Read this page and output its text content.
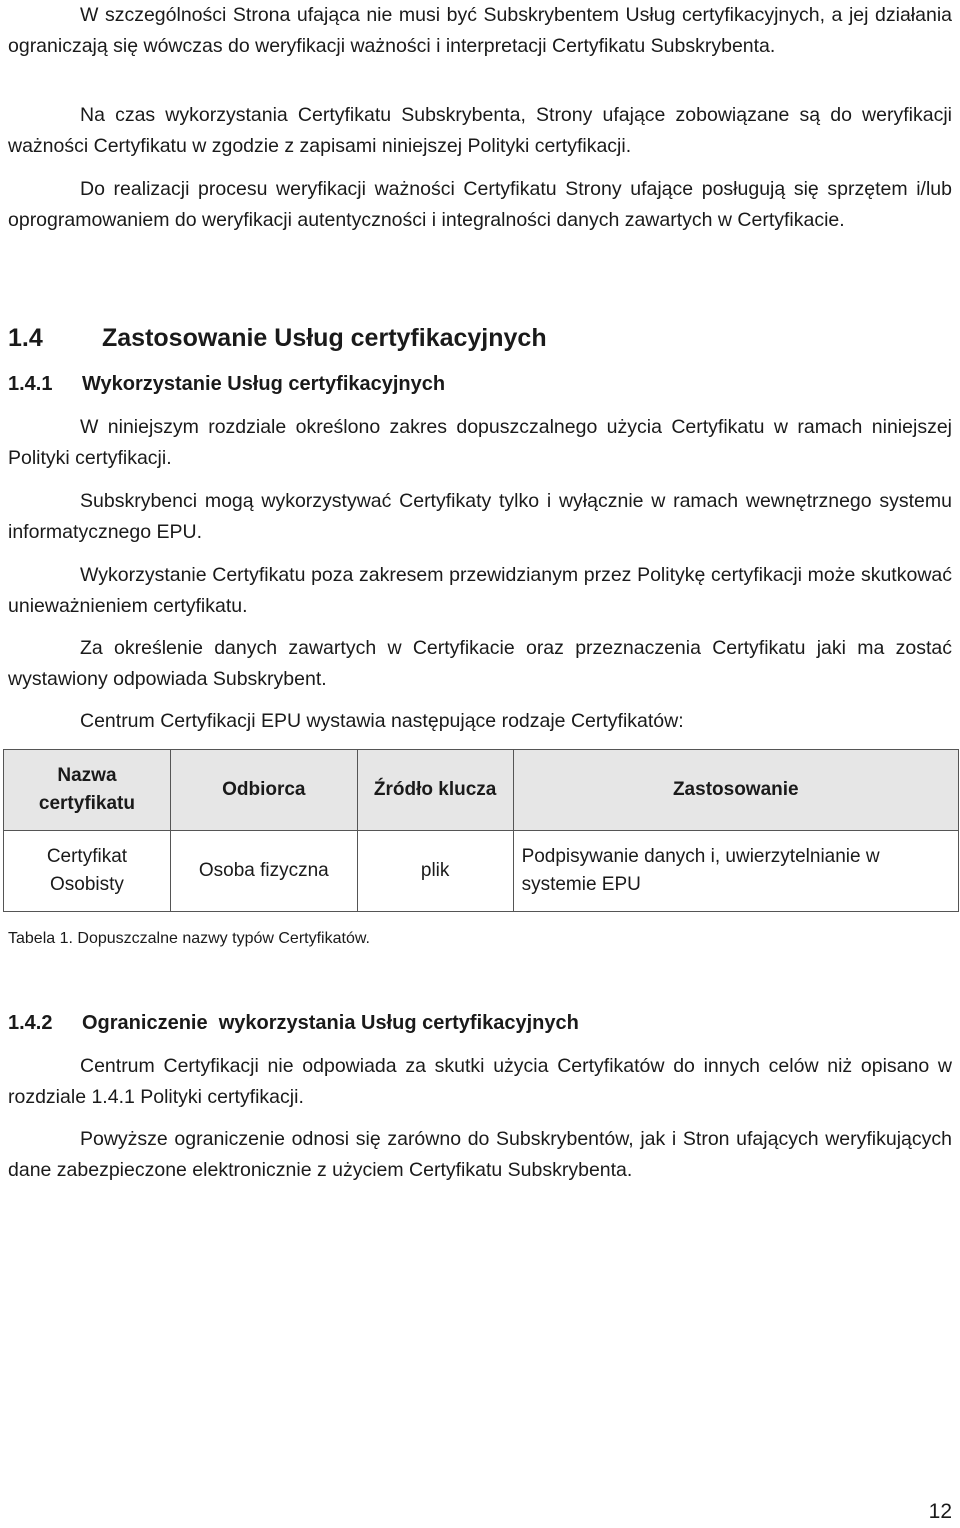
W szczególności Strona ufająca nie musi być Subskrybentem Usług certyfikacyjnych, a jej działania ograniczają się wówczas do weryfikacji ważności i interpretacji Certyfikatu Subskrybenta.

Na czas wykorzystania Certyfikatu Subskrybenta, Strony ufające zobowiązane są do weryfikacji ważności Certyfikatu w zgodzie z zapisami niniejszej Polityki certyfikacji.

Do realizacji procesu weryfikacji ważności Certyfikatu Strony ufające posługują się sprzętem i/lub oprogramowaniem do weryfikacji autentyczności i integralności danych zawartych w Certyfikacie.

1.4 Zastosowanie Usług certyfikacyjnych
1.4.1 Wykorzystanie Usług certyfikacyjnych

W niniejszym rozdziale określono zakres dopuszczalnego użycia Certyfikatu w ramach niniejszej Polityki certyfikacji.

Subskrybenci mogą wykorzystywać Certyfikaty tylko i wyłącznie w ramach wewnętrznego systemu informatycznego EPU.

Wykorzystanie Certyfikatu poza zakresem przewidzianym przez Politykę certyfikacji może skutkować unieważnieniem certyfikatu.

Za określenie danych zawartych w Certyfikacie oraz przeznaczenia Certyfikatu jaki ma zostać wystawiony odpowiada Subskrybent.

Centrum Certyfikacji EPU wystawia następujące rodzaje Certyfikatów:

Nazwa certyfikatu	Odbiorca	Źródło klucza	Zastosowanie
Certyfikat Osobisty	Osoba fizyczna	plik	Podpisywanie danych i, uwierzytelnianie w systemie EPU

Tabela 1. Dopuszczalne nazwy typów Certyfikatów.

1.4.2 Ograniczenie  wykorzystania Usług certyfikacyjnych

Centrum Certyfikacji nie odpowiada za skutki użycia Certyfikatów do innych celów niż opisano w rozdziale 1.4.1 Polityki certyfikacji.

Powyższe ograniczenie odnosi się zarówno do Subskrybentów, jak i Stron ufających weryfikujących dane zabezpieczone elektronicznie z użyciem Certyfikatu Subskrybenta.

12
